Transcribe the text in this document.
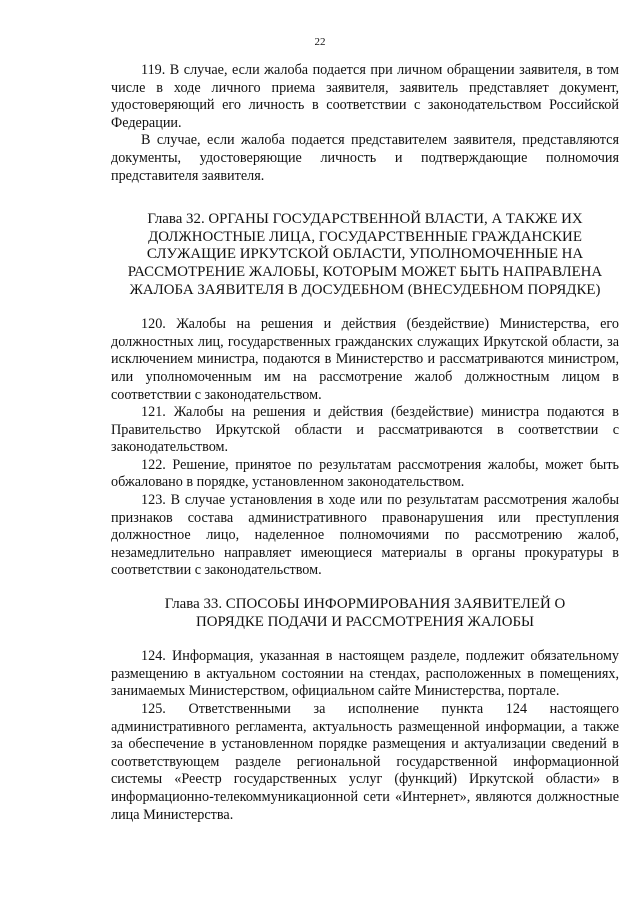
22

119. В случае, если жалоба подается при личном обращении заявителя, в том числе в ходе личного приема заявителя, заявитель представляет документ, удостоверяющий его личность в соответствии с законодательством Российской Федерации.

В случае, если жалоба подается представителем заявителя, представляются документы, удостоверяющие личность и подтверждающие полномочия представителя заявителя.

Глава 32. ОРГАНЫ ГОСУДАРСТВЕННОЙ ВЛАСТИ, А ТАКЖЕ ИХ
ДОЛЖНОСТНЫЕ ЛИЦА, ГОСУДАРСТВЕННЫЕ ГРАЖДАНСКИЕ
СЛУЖАЩИЕ ИРКУТСКОЙ ОБЛАСТИ, УПОЛНОМОЧЕННЫЕ НА
РАССМОТРЕНИЕ ЖАЛОБЫ, КОТОРЫМ МОЖЕТ БЫТЬ НАПРАВЛЕНА
ЖАЛОБА ЗАЯВИТЕЛЯ В ДОСУДЕБНОМ (ВНЕСУДЕБНОМ ПОРЯДКЕ)

120. Жалобы на решения и действия (бездействие) Министерства, его должностных лиц, государственных гражданских служащих Иркутской области, за исключением министра, подаются в Министерство и рассматриваются министром, или уполномоченным им на рассмотрение жалоб должностным лицом в соответствии с законодательством.

121. Жалобы на решения и действия (бездействие) министра подаются в Правительство Иркутской области и рассматриваются в соответствии с законодательством.

122. Решение, принятое по результатам рассмотрения жалобы, может быть обжаловано в порядке, установленном законодательством.

123. В случае установления в ходе или по результатам рассмотрения жалобы признаков состава административного правонарушения или преступления должностное лицо, наделенное полномочиями по рассмотрению жалоб, незамедлительно направляет имеющиеся материалы в органы прокуратуры в соответствии с законодательством.

Глава 33. СПОСОБЫ ИНФОРМИРОВАНИЯ ЗАЯВИТЕЛЕЙ О
ПОРЯДКЕ ПОДАЧИ И РАССМОТРЕНИЯ ЖАЛОБЫ

124. Информация, указанная в настоящем разделе, подлежит обязательному размещению в актуальном состоянии на стендах, расположенных в помещениях, занимаемых Министерством, официальном сайте Министерства, портале.

125. Ответственными за исполнение пункта 124 настоящего административного регламента, актуальность размещенной информации, а также за обеспечение в установленном порядке размещения и актуализации сведений в соответствующем разделе региональной государственной информационной системы «Реестр государственных услуг (функций) Иркутской области» в информационно-телекоммуникационной сети «Интернет», являются должностные лица Министерства.
